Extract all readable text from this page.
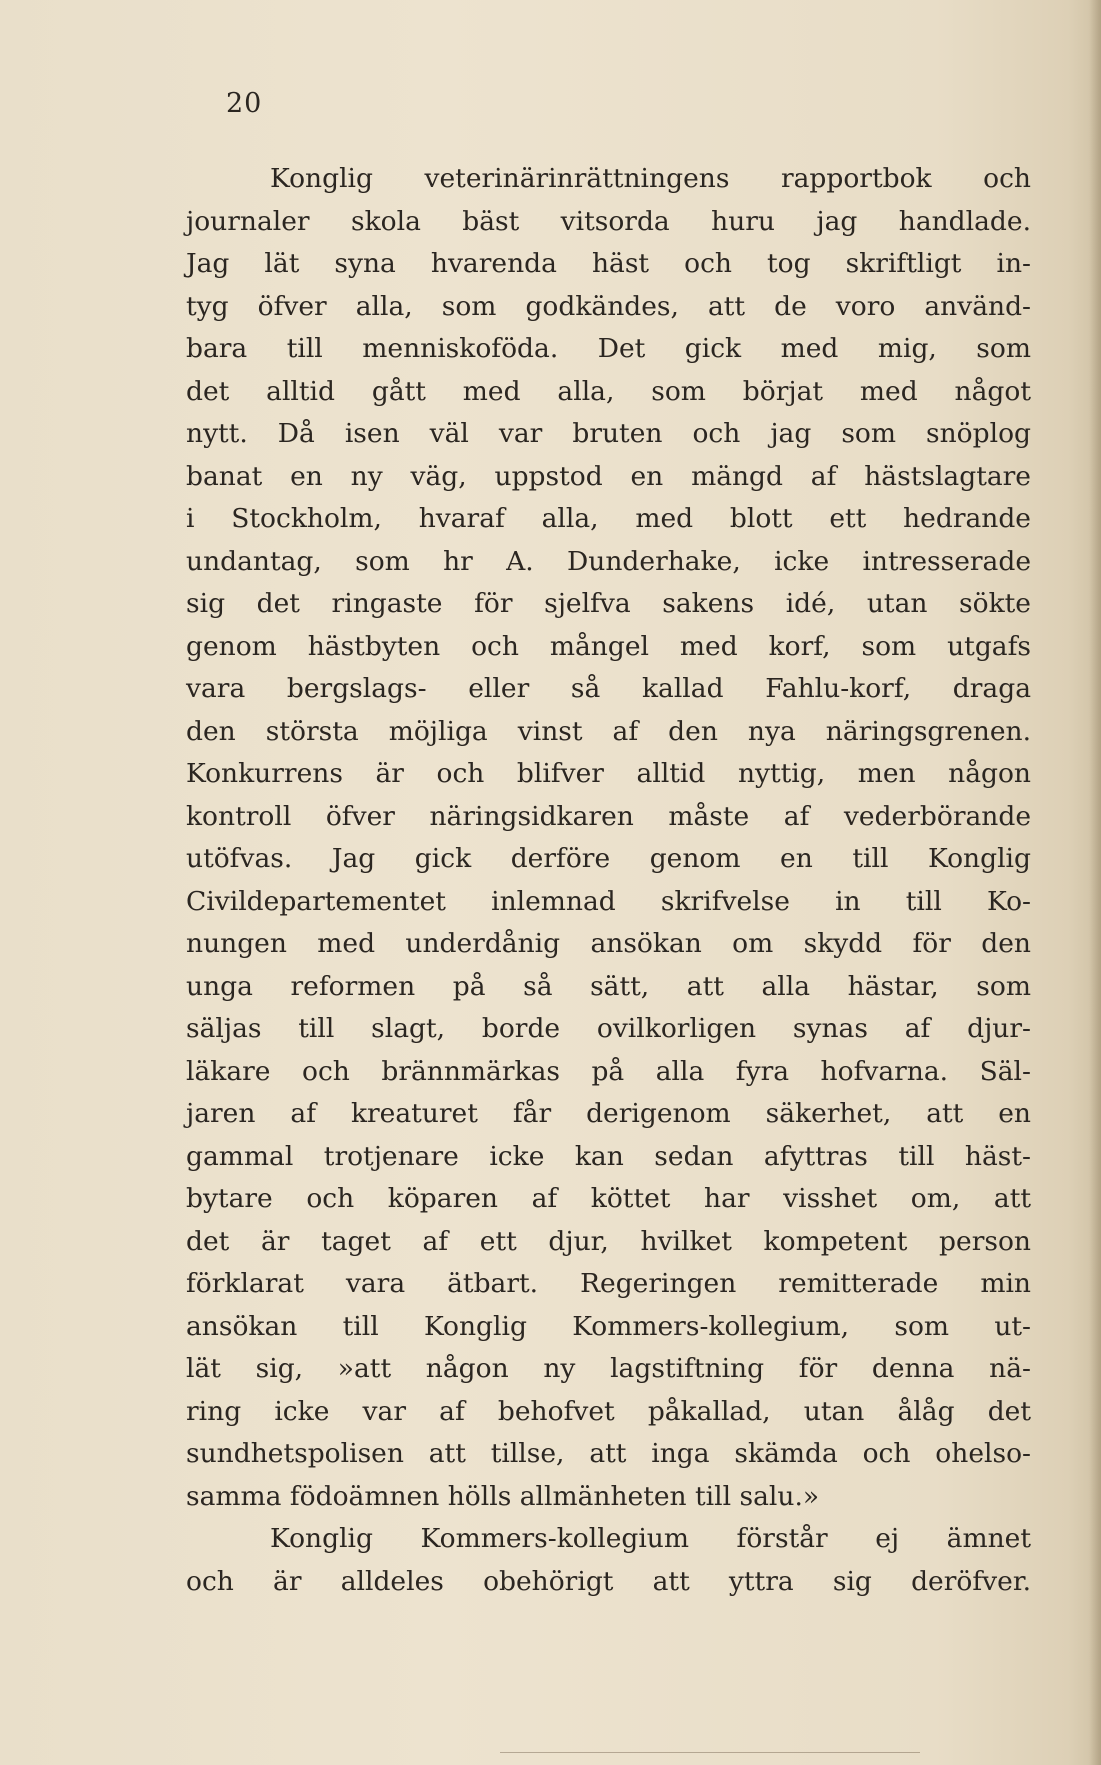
20
Konglig veterinärinrättningens rapportbok och
journaler skola bäst vitsorda huru jag handlade.
Jag lät syna hvarenda häst och tog skriftligt in-
tyg öfver alla, som godkändes, att de voro använd-
bara till menniskoföda. Det gick med mig, som
det alltid gått med alla, som börjat med något
nytt. Då isen väl var bruten och jag som snöplog
banat en ny väg, uppstod en mängd af hästslagtare
i Stockholm, hvaraf alla, med blott ett hedrande
undantag, som hr A. Dunderhake, icke intresserade
sig det ringaste för sjelfva sakens idé, utan sökte
genom hästbyten och mångel med korf, som utgafs
vara bergslags- eller så kallad Fahlu-korf, draga
den största möjliga vinst af den nya näringsgrenen.
Konkurrens är och blifver alltid nyttig, men någon
kontroll öfver näringsidkaren måste af vederbörande
utöfvas. Jag gick derföre genom en till Konglig
Civildepartementet inlemnad skrifvelse in till Ko-
nungen med underdånig ansökan om skydd för den
unga reformen på så sätt, att alla hästar, som
säljas till slagt, borde ovilkorligen synas af djur-
läkare och brännmärkas på alla fyra hofvarna. Säl-
jaren af kreaturet får derigenom säkerhet, att en
gammal trotjenare icke kan sedan afyttras till häst-
bytare och köparen af köttet har visshet om, att
det är taget af ett djur, hvilket kompetent person
förklarat vara ätbart. Regeringen remitterade min
ansökan till Konglig Kommers-kollegium, som ut-
lät sig, »att någon ny lagstiftning för denna nä-
ring icke var af behofvet påkallad, utan ålåg det
sundhetspolisen att tillse, att inga skämda och ohelso-
samma födoämnen hölls allmänheten till salu.»
Konglig Kommers-kollegium förstår ej ämnet
och är alldeles obehörigt att yttra sig deröfver.
